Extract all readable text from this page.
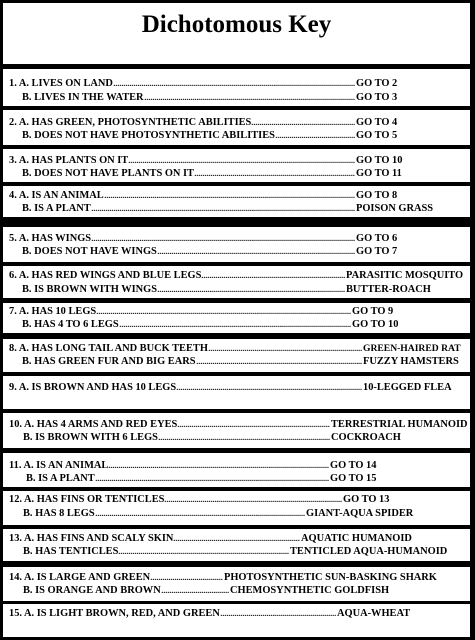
Dichotomous Key
1. A. LIVES ON LAND .....	GO TO 2
B. LIVES IN THE WATER .....	GO TO 3
2. A. HAS GREEN, PHOTOSYNTHETIC ABILITIES .....	GO TO 4
B. DOES NOT HAVE PHOTOSYNTHETIC ABILITIES .....	GO TO 5
3. A. HAS PLANTS ON IT .....	GO TO 10
B. DOES NOT HAVE PLANTS ON IT .....	GO TO 11
4. A. IS AN ANIMAL .....	GO TO 8
B. IS A PLANT .....	POISON GRASS
5. A. HAS WINGS .....	GO TO 6
B. DOES NOT HAVE WINGS .....	GO TO 7
6. A. HAS RED WINGS AND BLUE LEGS .....	PARASITIC MOSQUITO
B. IS BROWN WITH WINGS .....	BUTTER-ROACH
7. A. HAS 10 LEGS .....	GO TO 9
B. HAS 4 TO 6 LEGS .....	GO TO 10
8. A. HAS LONG TAIL AND BUCK TEETH .....	GREEN-HAIRED RAT
B. HAS GREEN FUR AND BIG EARS .....	FUZZY HAMSTERS
9. A. IS BROWN AND HAS 10 LEGS .....	10-LEGGED FLEA
10. A. HAS 4 ARMS AND RED EYES .....	TERRESTRIAL HUMANOID
B. IS BROWN WITH 6 LEGS .....	COCKROACH
11. A. IS AN ANIMAL .....	GO TO 14
B. IS A PLANT .....	GO TO 15
12. A. HAS FINS OR TENTICLES .....	GO TO 13
B. HAS 8 LEGS .....	GIANT-AQUA SPIDER
13. A. HAS FINS AND SCALY SKIN .....	AQUATIC HUMANOID
B. HAS TENTICLES .....	TENTICLED AQUA-HUMANOID
14. A. IS LARGE AND GREEN .....	PHOTOSYNTHETIC SUN-BASKING SHARK
B. IS ORANGE AND BROWN .....	CHEMOSYNTHETIC GOLDFISH
15. A. IS LIGHT BROWN, RED, AND GREEN .....	AQUA-WHEAT
